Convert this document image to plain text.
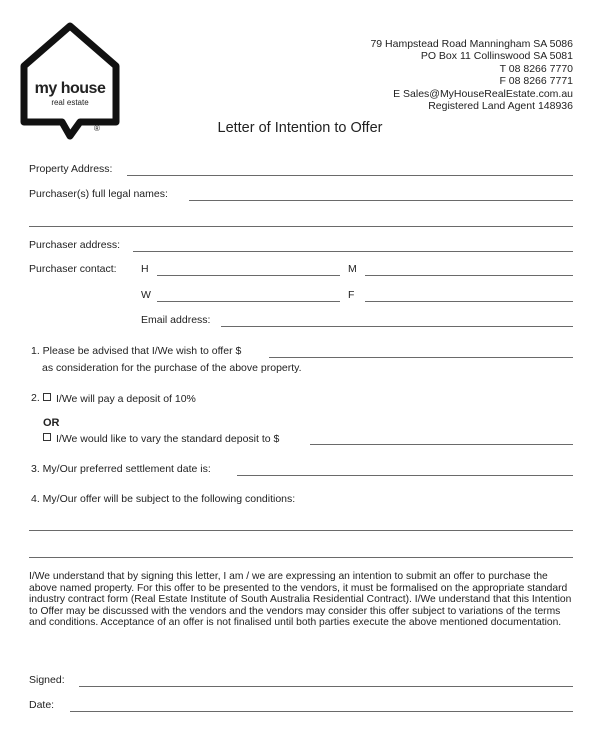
my house
real estate
®
79 Hampstead Road Manningham SA 5086
PO Box 11 Collinswood SA 5081
T 08 8266 7770
F 08 8266 7771
E Sales@MyHouseRealEstate.com.au
Registered Land Agent 148936
Letter of Intention to Offer
Property Address:
Purchaser(s) full legal names:
Purchaser address:
Purchaser contact: H	M
W	F
Email address:
1. Please be advised that I/We wish to offer $
as consideration for the purchase of the above property.
2.	I/We will pay a deposit of 10%
OR
I/We would like to vary the standard deposit to $
3. My/Our preferred settlement date is:
4. My/Our offer will be subject to the following conditions:
I/We understand that by signing this letter, I am / we are expressing an intention to submit an offer to purchase the above named property. For this offer to be presented to the vendors, it must be formalised on the appropriate standard industry contract form (Real Estate Institute of South Australia Residential Contract). I/We understand that this Intention to Offer may be discussed with the vendors and the vendors may consider this offer subject to variations of the terms and conditions. Acceptance of an offer is not finalised until both parties execute the above mentioned documentation.
Signed:
Date:
